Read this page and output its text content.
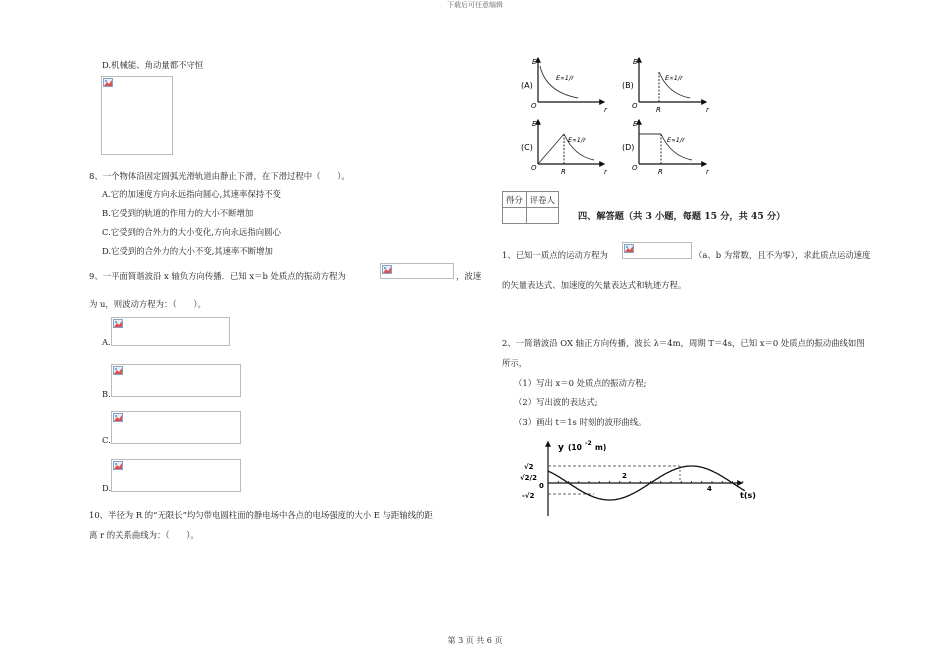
下载后可任意编辑
D.机械能、角动量都不守恒
8、一个物体沿固定圆弧光滑轨道由静止下滑，在下滑过程中（　　）。
A.它的加速度方向永远指向圆心,其速率保持不变
B.它受到的轨道的作用力的大小不断增加
C.它受到的合外力的大小变化,方向永远指向圆心
D.它受到的合外力的大小不变,其速率不断增加
9、一平面简谐波沿 x 轴负方向传播．已知 x＝b 处质点的振动方程为	，波速
为 u，则波动方程为：（　　）。
A.
B.
C.
D.
10、半径为 R 的“无限长”均匀带电圆柱面的静电场中各点的电场强度的大小 E 与距轴线的距
离 r 的关系曲线为：（　　）。
(A)
E
O	r
E∝1/r
(B)
E
O	R	r
E∝1/r
(C)
E
O	R	r
E∝1/r
(D)
E
O	R	r
E∝1/r
得分	评卷人

四、解答题（共 3 小题，每题 15 分，共 45 分）
1、已知一质点的运动方程为	（a、b 为常数，且不为零），求此质点运动速度
的矢量表达式、加速度的矢量表达式和轨迹方程。
2、一简谐波沿 OX 轴正方向传播，波长 λ＝4m，周期 T＝4s，已知 x＝0 处质点的振动曲线如图
所示，
（1）写出 x＝0 处质点的振动方程;
（2）写出波的表达式;
（3）画出 t＝1s 时刻的波形曲线。
y (10 -2 m)
√2
√2/2
0
-√2
2
4
t(s)
第 3 页 共 6 页
